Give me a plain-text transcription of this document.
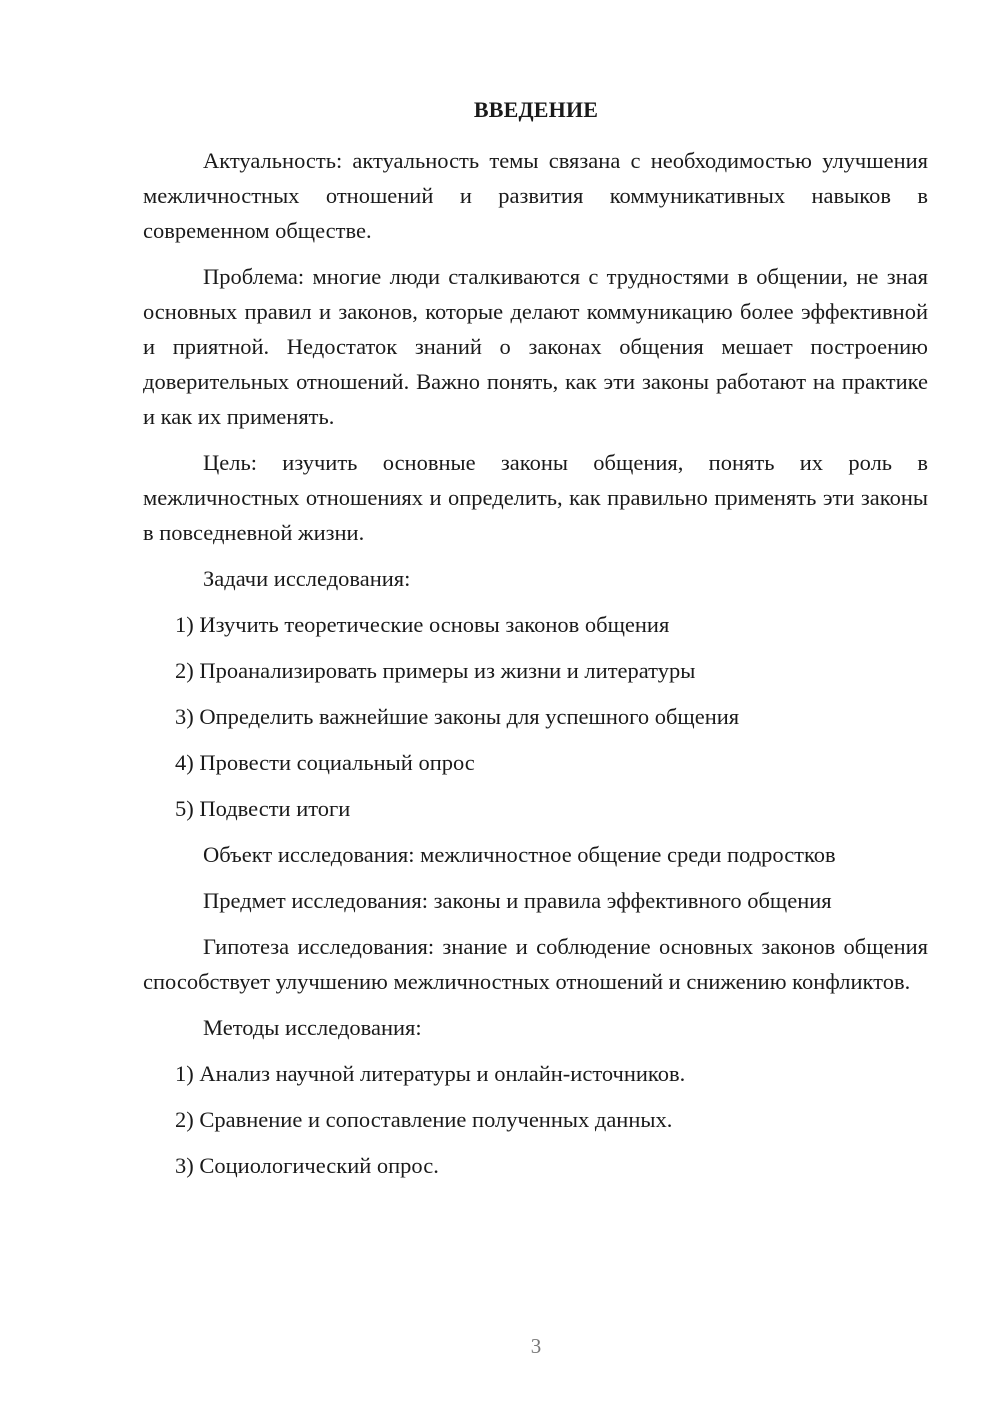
ВВЕДЕНИЕ

Актуальность: актуальность темы связана с необходимостью улучшения межличностных отношений и развития коммуникативных навыков в современном обществе.

Проблема: многие люди сталкиваются с трудностями в общении, не зная основных правил и законов, которые делают коммуникацию более эффективной и приятной. Недостаток знаний о законах общения мешает построению доверительных отношений. Важно понять, как эти законы работают на практике и как их применять.

Цель: изучить основные законы общения, понять их роль в межличностных отношениях и определить, как правильно применять эти законы в повседневной жизни.

Задачи исследования:
1) Изучить теоретические основы законов общения
2) Проанализировать примеры из жизни и литературы
3) Определить важнейшие законы для успешного общения
4) Провести социальный опрос
5) Подвести итоги
Объект исследования: межличностное общение среди подростков
Предмет исследования: законы и правила эффективного общения

Гипотеза исследования: знание и соблюдение основных законов общения способствует улучшению межличностных отношений и снижению конфликтов.

Методы исследования:
1) Анализ научной литературы и онлайн-источников.
2) Сравнение и сопоставление полученных данных.
3) Социологический опрос.
3
